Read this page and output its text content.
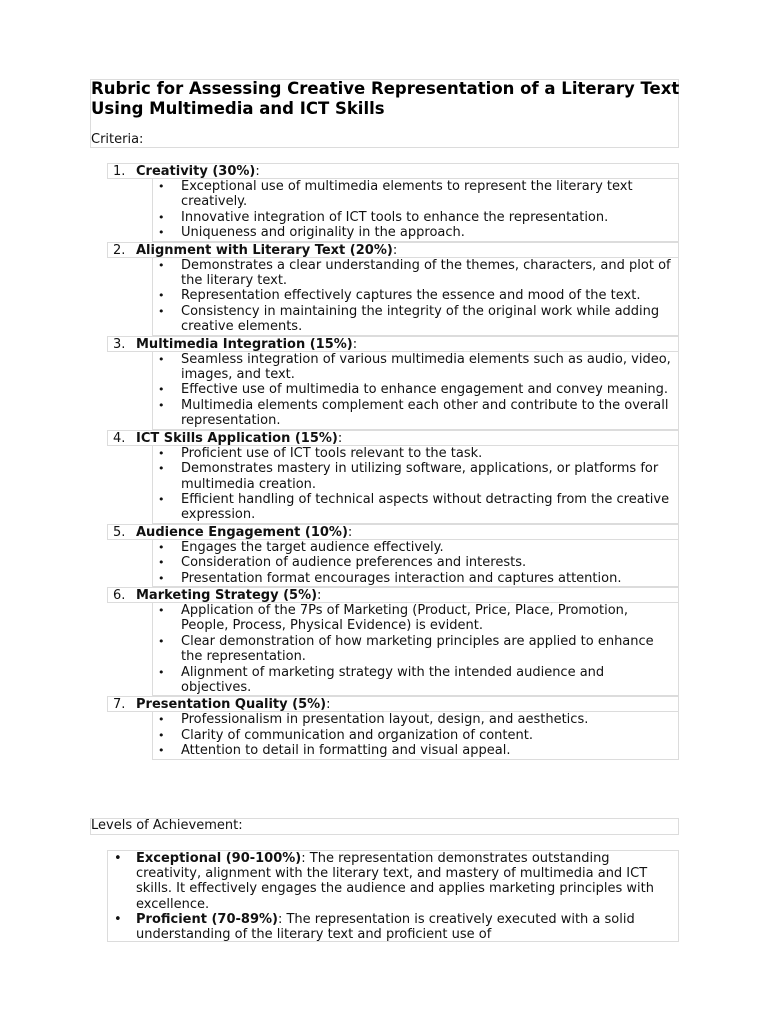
Rubric for Assessing Creative Representation of a Literary Text Using Multimedia and ICT Skills

Criteria:

1. Creativity (30%):
• Exceptional use of multimedia elements to represent the literary text creatively.
• Innovative integration of ICT tools to enhance the representation.
• Uniqueness and originality in the approach.
2. Alignment with Literary Text (20%):
• Demonstrates a clear understanding of the themes, characters, and plot of the literary text.
• Representation effectively captures the essence and mood of the text.
• Consistency in maintaining the integrity of the original work while adding creative elements.
3. Multimedia Integration (15%):
• Seamless integration of various multimedia elements such as audio, video, images, and text.
• Effective use of multimedia to enhance engagement and convey meaning.
• Multimedia elements complement each other and contribute to the overall representation.
4. ICT Skills Application (15%):
• Proficient use of ICT tools relevant to the task.
• Demonstrates mastery in utilizing software, applications, or platforms for multimedia creation.
• Efficient handling of technical aspects without detracting from the creative expression.
5. Audience Engagement (10%):
• Engages the target audience effectively.
• Consideration of audience preferences and interests.
• Presentation format encourages interaction and captures attention.
6. Marketing Strategy (5%):
• Application of the 7Ps of Marketing (Product, Price, Place, Promotion, People, Process, Physical Evidence) is evident.
• Clear demonstration of how marketing principles are applied to enhance the representation.
• Alignment of marketing strategy with the intended audience and objectives.
7. Presentation Quality (5%):
• Professionalism in presentation layout, design, and aesthetics.
• Clarity of communication and organization of content.
• Attention to detail in formatting and visual appeal.

Levels of Achievement:

• Exceptional (90-100%): The representation demonstrates outstanding creativity, alignment with the literary text, and mastery of multimedia and ICT skills. It effectively engages the audience and applies marketing principles with excellence.
• Proficient (70-89%): The representation is creatively executed with a solid understanding of the literary text and proficient use of
